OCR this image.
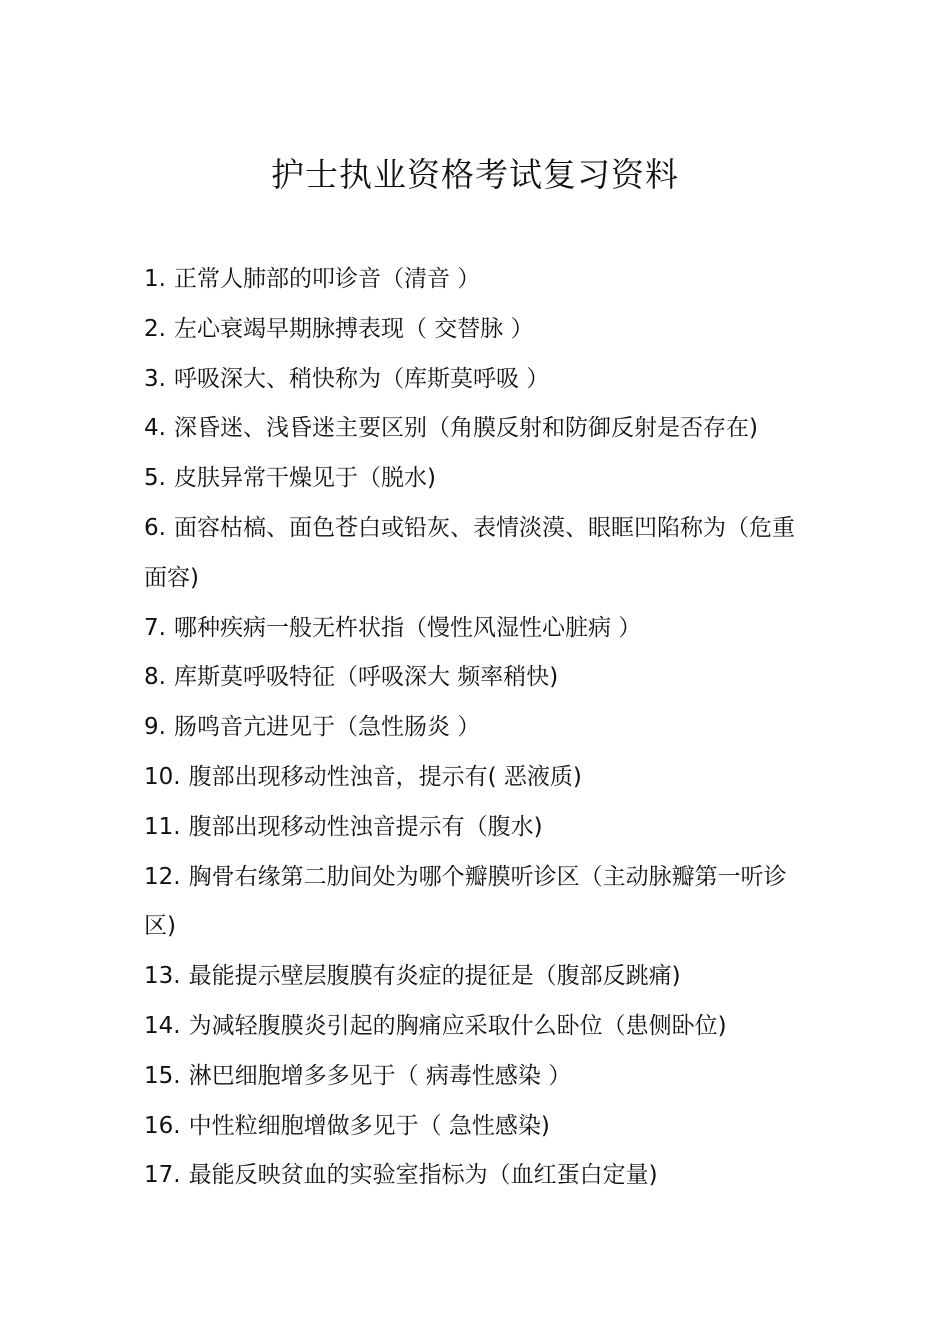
护士执业资格考试复习资料
1. 正常人肺部的叩诊音（清音 ）
2. 左心衰竭早期脉搏表现（ 交替脉 ）
3. 呼吸深大、稍快称为（库斯莫呼吸 ）
4. 深昏迷、浅昏迷主要区别（角膜反射和防御反射是否存在)
5. 皮肤异常干燥见于（脱水)
6. 面容枯槁、面色苍白或铅灰、表情淡漠、眼眶凹陷称为（危重面容)
7. 哪种疾病一般无杵状指（慢性风湿性心脏病 ）
8. 库斯莫呼吸特征（呼吸深大 频率稍快)
9. 肠鸣音亢进见于（急性肠炎 ）
10. 腹部出现移动性浊音，提示有( 恶液质)
11. 腹部出现移动性浊音提示有（腹水)
12. 胸骨右缘第二肋间处为哪个瓣膜听诊区（主动脉瓣第一听诊区)
13. 最能提示壁层腹膜有炎症的提征是（腹部反跳痛)
14. 为减轻腹膜炎引起的胸痛应采取什么卧位（患侧卧位)
15. 淋巴细胞增多多见于（ 病毒性感染 ）
16. 中性粒细胞增做多见于（ 急性感染)
17. 最能反映贫血的实验室指标为（血红蛋白定量)
